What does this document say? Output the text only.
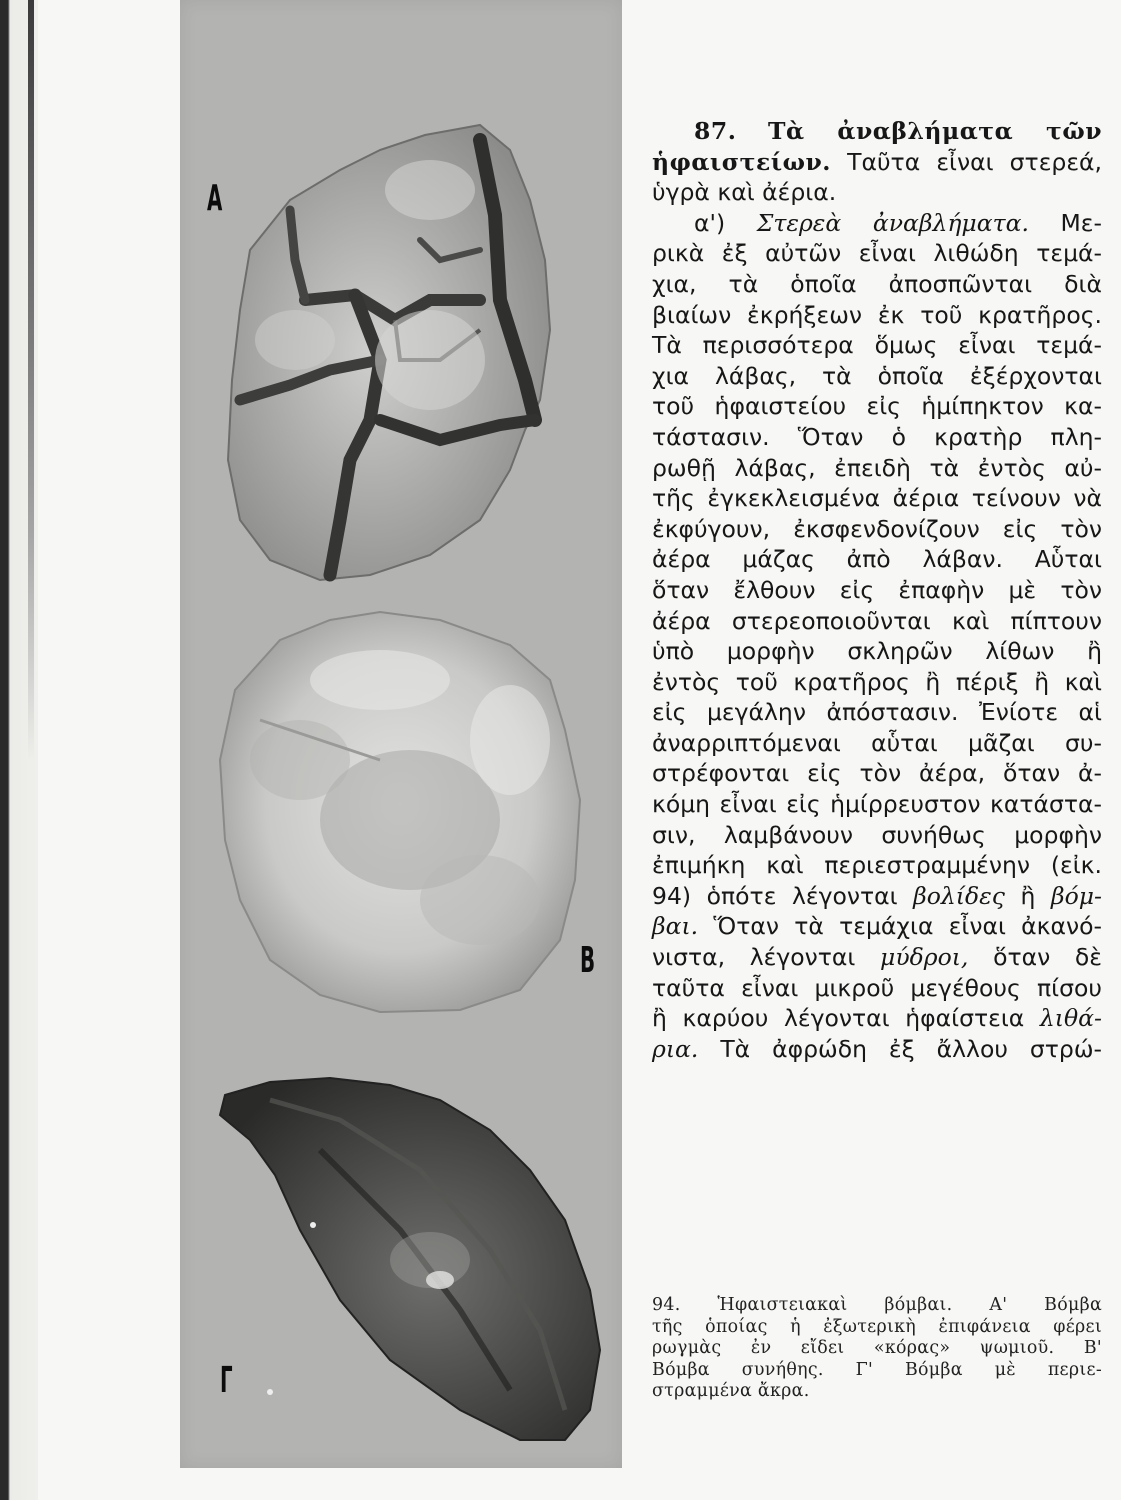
Α
Β
Γ
87. Τὰ ἀναβλήματα τῶν
ἡφαιστείων. Ταῦτα εἶναι στερεά,
ὑγρὰ καὶ ἀέρια.
α') Στερεὰ ἀναβλήματα. Με-
ρικὰ ἐξ αὐτῶν εἶναι λιθώδη τεμά-
χια, τὰ ὁποῖα ἀποσπῶνται διὰ
βιαίων ἐκρήξεων ἐκ τοῦ κρατῆρος.
Τὰ περισσότερα ὅμως εἶναι τεμά-
χια λάβας, τὰ ὁποῖα ἐξέρχονται
τοῦ ἡφαιστείου εἰς ἡμίπηκτον κα-
τάστασιν. Ὅταν ὁ κρατὴρ πλη-
ρωθῇ λάβας, ἐπειδὴ τὰ ἐντὸς αὐ-
τῆς ἐγκεκλεισμένα ἀέρια τείνουν νὰ
ἐκφύγουν, ἐκσφενδονίζουν εἰς τὸν
ἀέρα μάζας ἀπὸ λάβαν. Αὗται
ὅταν ἔλθουν εἰς ἐπαφὴν μὲ τὸν
ἀέρα στερεοποιοῦνται καὶ πίπτουν
ὑπὸ μορφὴν σκληρῶν λίθων ἢ
ἐντὸς τοῦ κρατῆρος ἢ πέριξ ἢ καὶ
εἰς μεγάλην ἀπόστασιν. Ἐνίοτε αἱ
ἀναρριπτόμεναι αὗται μᾶζαι συ-
στρέφονται εἰς τὸν ἀέρα, ὅταν ἀ-
κόμη εἶναι εἰς ἡμίρρευστον κατάστα-
σιν, λαμβάνουν συνήθως μορφὴν
ἐπιμήκη καὶ περιεστραμμένην (εἰκ.
94) ὁπότε λέγονται βολίδες ἢ βόμ-
βαι. Ὅταν τὰ τεμάχια εἶναι ἀκανό-
νιστα, λέγονται μύδροι, ὅταν δὲ
ταῦτα εἶναι μικροῦ μεγέθους πίσου
ἢ καρύου λέγονται ἡφαίστεια λιθά-
ρια. Τὰ ἀφρώδη ἐξ ἄλλου στρώ-
94. Ἡφαιστειακαὶ βόμβαι. Α' Βόμβα
τῆς ὁποίας ἡ ἐξωτερικὴ ἐπιφάνεια φέρει
ρωγμὰς ἐν εἴδει «κόρας» ψωμιοῦ. Β'
Βόμβα συνήθης. Γ' Βόμβα μὲ περιε-
στραμμένα ἄκρα.
